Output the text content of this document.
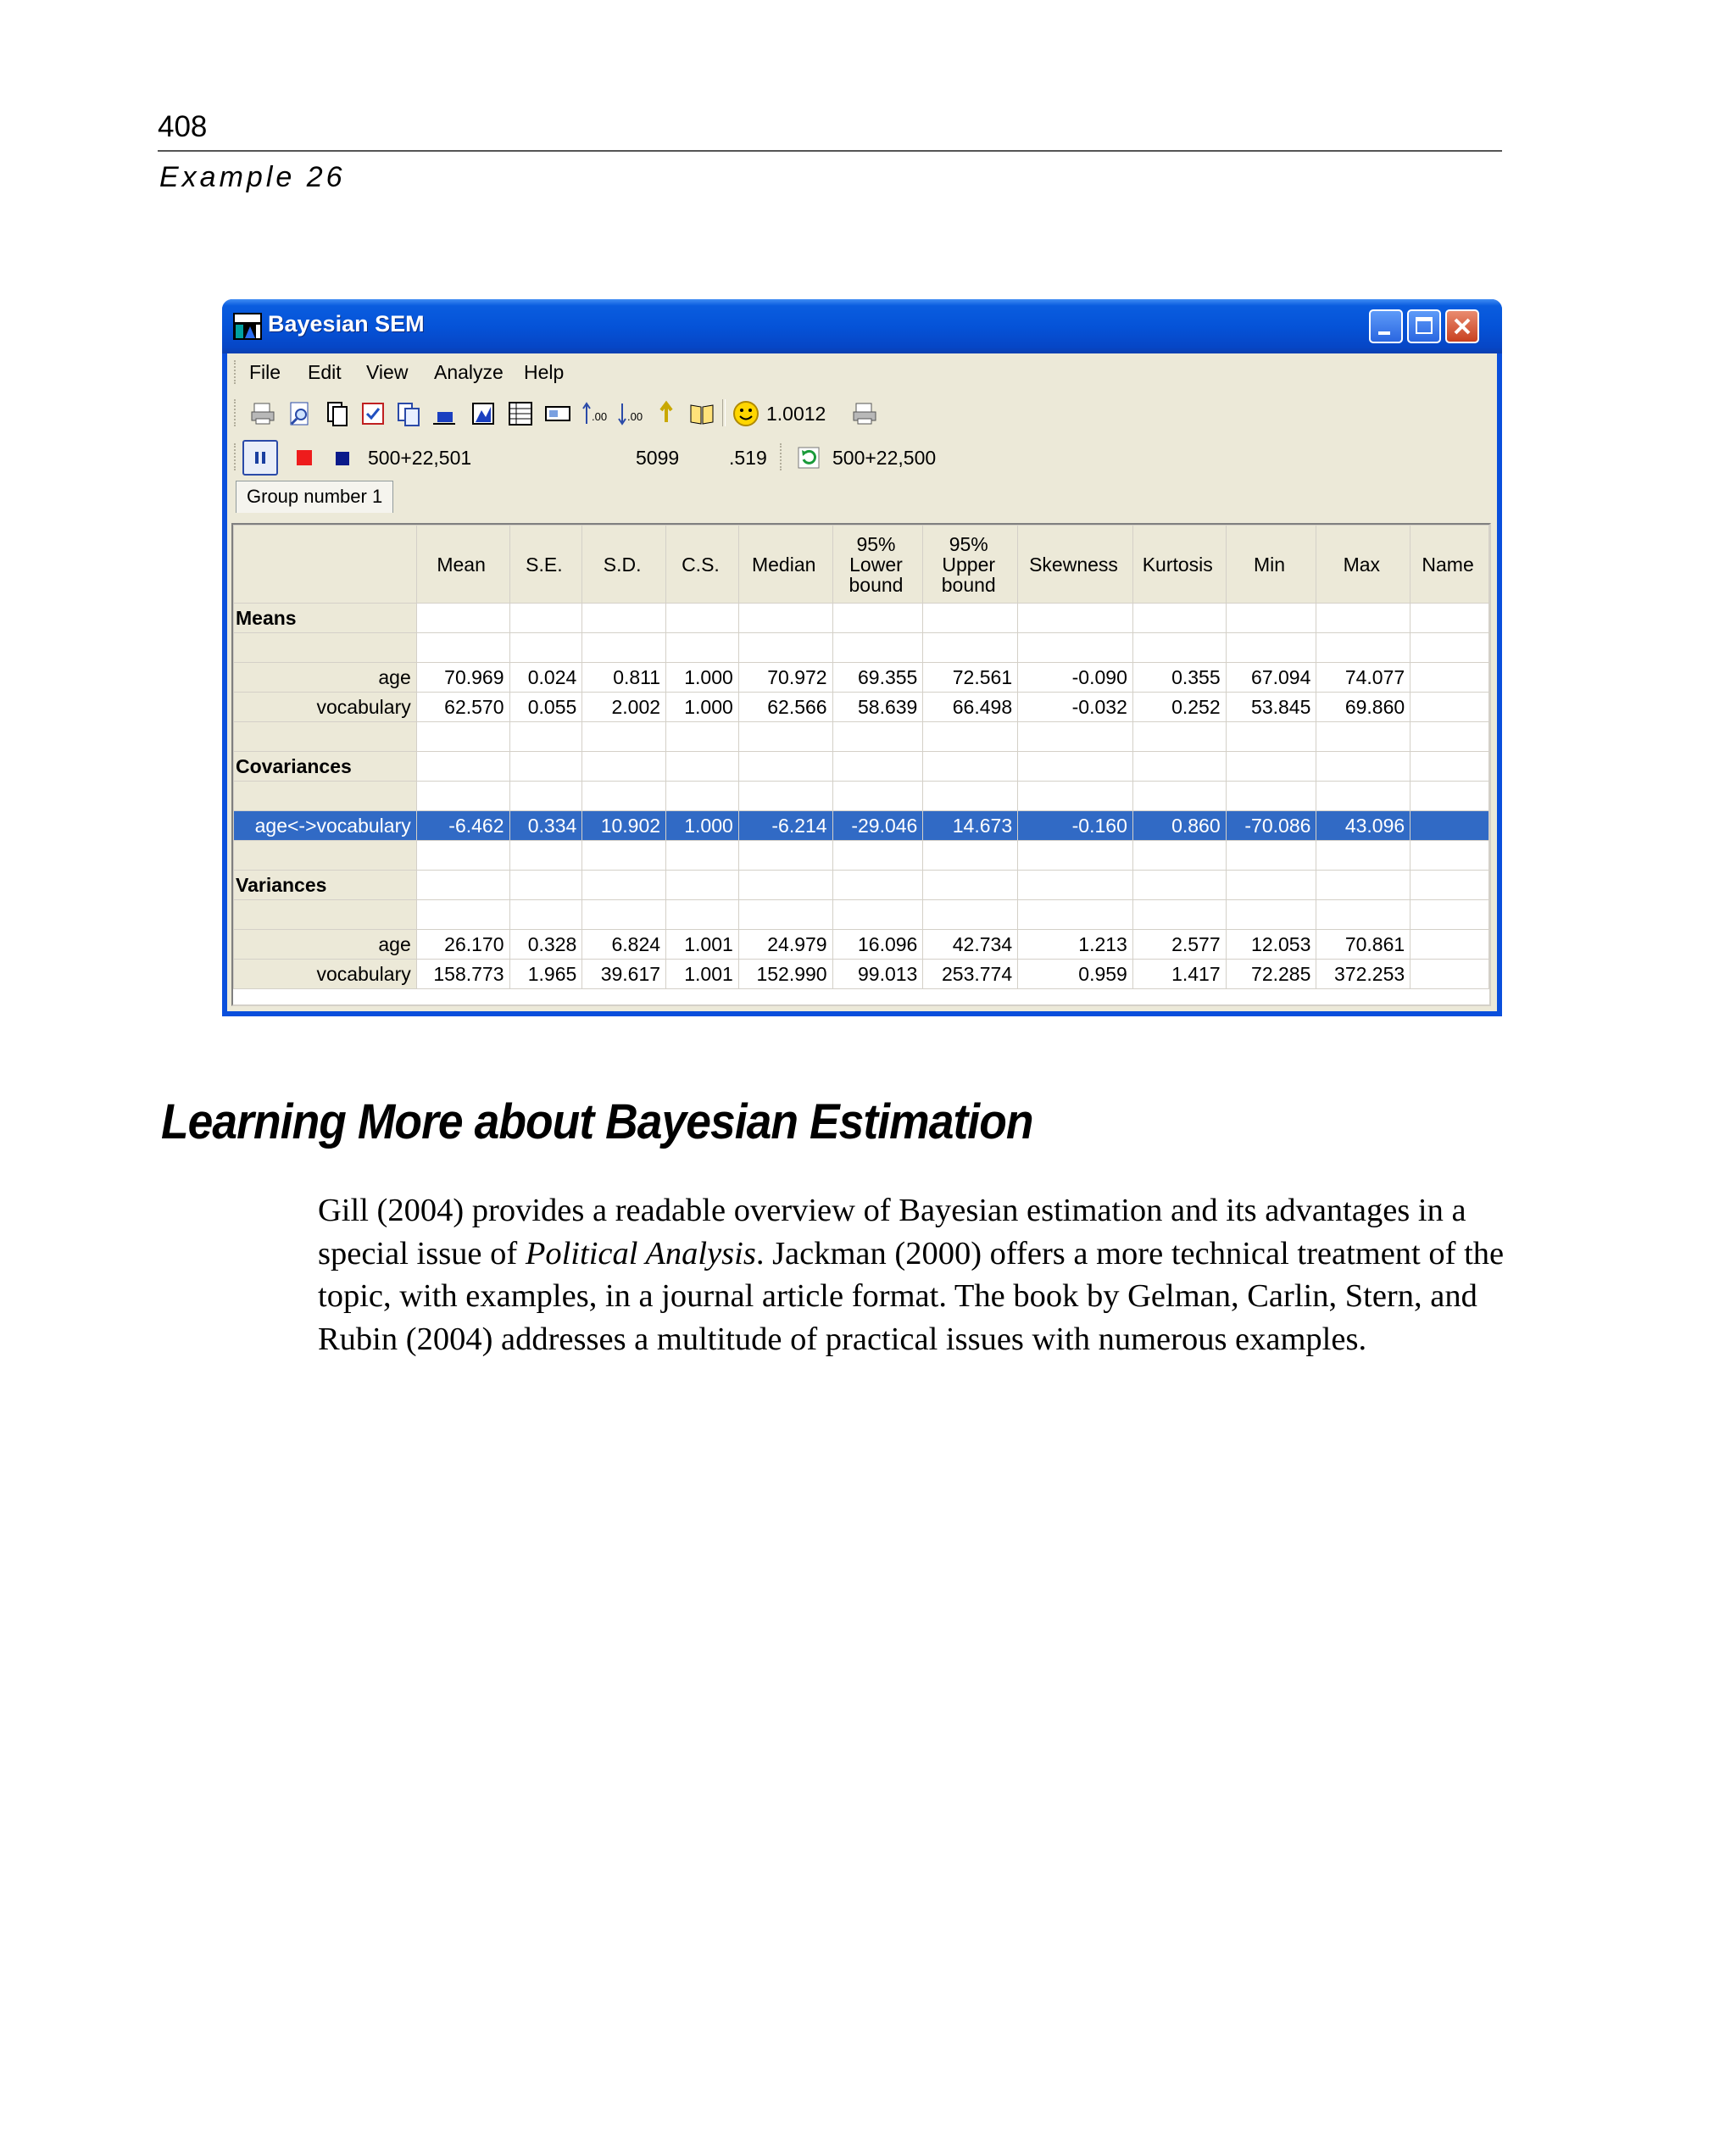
408
Example 26
Bayesian SEM
File Edit View Analyze Help
.00 .00	1.0012
500+22,501	5099	.519	500+22,500
Group number 1
	Mean	S.E.	S.D.	C.S.	Median	95%
Lower
bound	95%
Upper
bound	Skewness	Kurtosis	Min	Max	Name
Means												

age	70.969	0.024	0.811	1.000	70.972	69.355	72.561	-0.090	0.355	67.094	74.077	
vocabulary	62.570	0.055	2.002	1.000	62.566	58.639	66.498	-0.032	0.252	53.845	69.860	

Covariances												

age<->vocabulary	-6.462	0.334	10.902	1.000	-6.214	-29.046	14.673	-0.160	0.860	-70.086	43.096	

Variances												

age	26.170	0.328	6.824	1.001	24.979	16.096	42.734	1.213	2.577	12.053	70.861	
vocabulary	158.773	1.965	39.617	1.001	152.990	99.013	253.774	0.959	1.417	72.285	372.253	
Learning More about Bayesian Estimation

Gill (2004) provides a readable overview of Bayesian estimation and its advantages in a special issue of Political Analysis. Jackman (2000) offers a more technical treatment of the topic, with examples, in a journal article format. The book by Gelman, Carlin, Stern, and Rubin (2004) addresses a multitude of practical issues with numerous examples.
